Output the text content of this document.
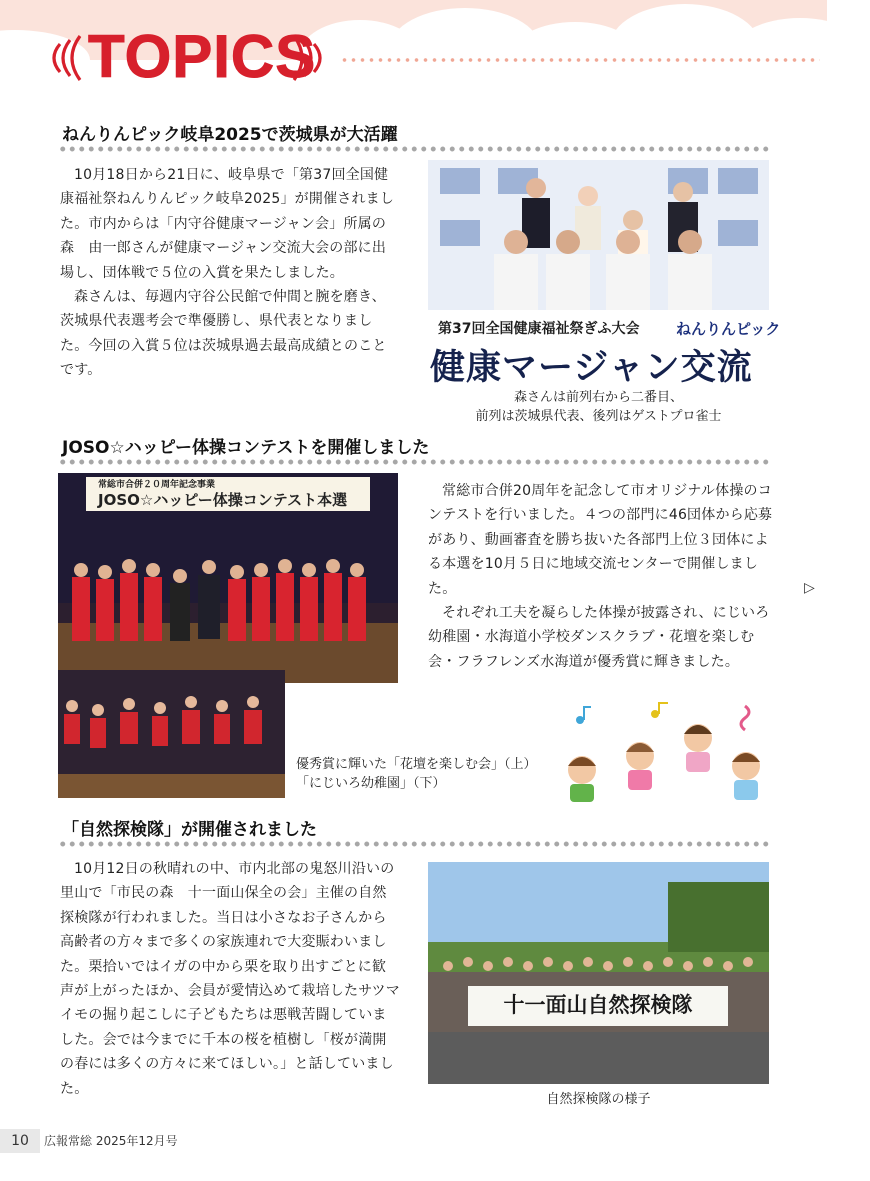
TOPICS
ねんりんピック岐阜2025で茨城県が大活躍

10月18日から21日に、岐阜県で「第37回全国健康福祉祭ねんりんピック岐阜2025」が開催されました。市内からは「内守谷健康マージャン会」所属の森　由一郎さんが健康マージャン交流大会の部に出場し、団体戦で５位の入賞を果たしました。

森さんは、毎週内守谷公民館で仲間と腕を磨き、茨城県代表選考会で準優勝し、県代表となりました。今回の入賞５位は茨城県過去最高成績とのことです。

第37回全国健康福祉祭ぎふ大会 ねんりんピック
健康マージャン交流
森さんは前列右から二番目、
前列は茨城県代表、後列はゲストプロ雀士
JOSO☆ハッピー体操コンテストを開催しました
常総市合併２０周年記念事業
JOSO☆ハッピー体操コンテスト本選	常総市合併20周年を記念して市オリジナル体操のコンテストを行いました。４つの部門に46団体から応募があり、動画審査を勝ち抜いた各部門上位３団体による本選を10月５日に地域交流センターで開催しました。

それぞれ工夫を凝らした体操が披露され、にじいろ幼稚園・水海道小学校ダンスクラブ・花壇を楽しむ会・フラフレンズ水海道が優秀賞に輝きました。

優秀賞に輝いた「花壇を楽しむ会」（上）
「にじいろ幼稚園」（下）
「自然探検隊」が開催されました

10月12日の秋晴れの中、市内北部の鬼怒川沿いの里山で「市民の森　十一面山保全の会」主催の自然探検隊が行われました。当日は小さなお子さんから高齢者の方々まで多くの家族連れで大変賑わいました。栗拾いではイガの中から栗を取り出すごとに歓声が上がったほか、会員が愛情込めて栽培したサツマイモの掘り起こしに子どもたちは悪戦苦闘していました。会では今までに千本の桜を植樹し「桜が満開の春には多くの方々に来てほしい。」と話していました。

十一面山自然探検隊
自然探検隊の様子
10	広報常総 2025年12月号
▷
